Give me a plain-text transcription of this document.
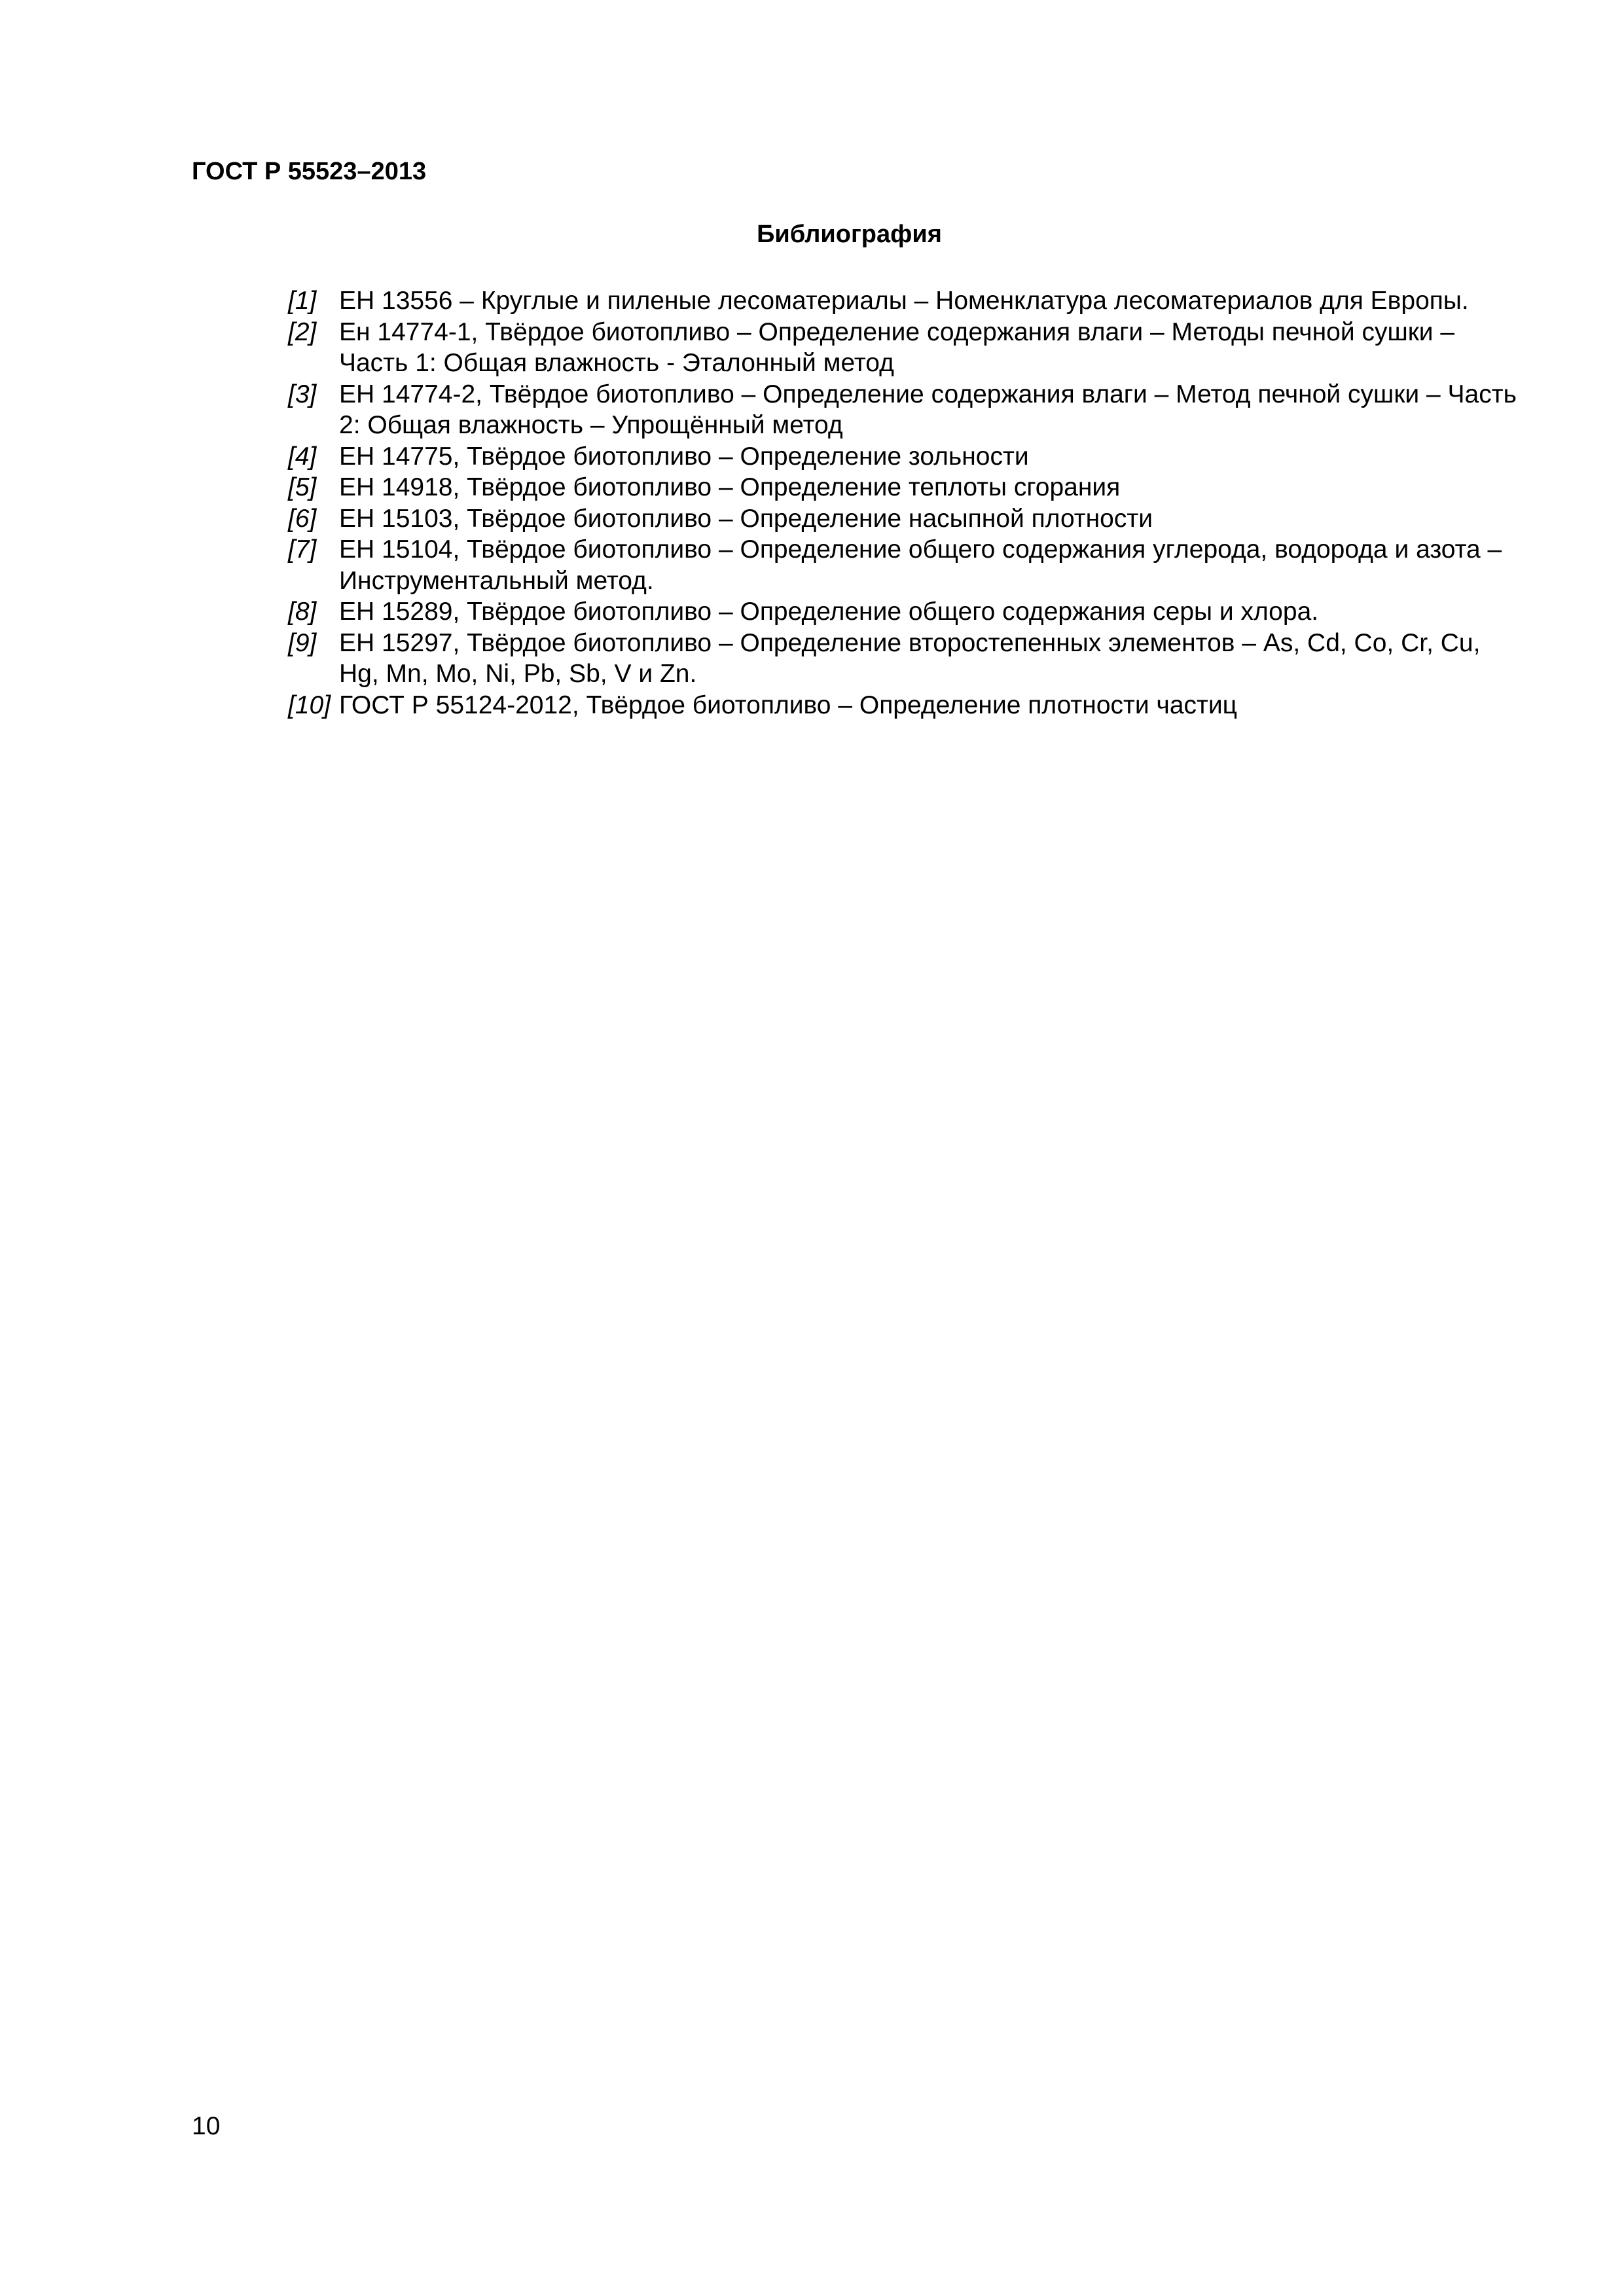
ГОСТ Р 55523–2013
Библиография
[1] ЕН 13556 – Круглые и пиленые лесоматериалы – Номенклатура лесоматериалов для Европы.
[2] Ен 14774-1, Твёрдое биотопливо – Определение содержания влаги – Методы печной сушки – Часть 1: Общая влажность - Эталонный метод
[3] ЕН 14774-2, Твёрдое биотопливо – Определение содержания влаги – Метод печной сушки – Часть 2: Общая влажность – Упрощённый метод
[4] ЕН 14775, Твёрдое биотопливо – Определение зольности
[5] ЕН 14918, Твёрдое биотопливо – Определение теплоты сгорания
[6] ЕН 15103, Твёрдое биотопливо – Определение насыпной плотности
[7] ЕН 15104, Твёрдое биотопливо – Определение общего содержания углерода, водорода и азота – Инструментальный метод.
[8] ЕН 15289, Твёрдое биотопливо – Определение общего содержания серы и хлора.
[9] ЕН 15297, Твёрдое биотопливо – Определение второстепенных элементов – As, Cd, Co, Cr, Cu, Hg, Mn, Mo, Ni, Pb, Sb, V и Zn.
[10] ГОСТ Р 55124-2012, Твёрдое биотопливо – Определение плотности частиц
10
